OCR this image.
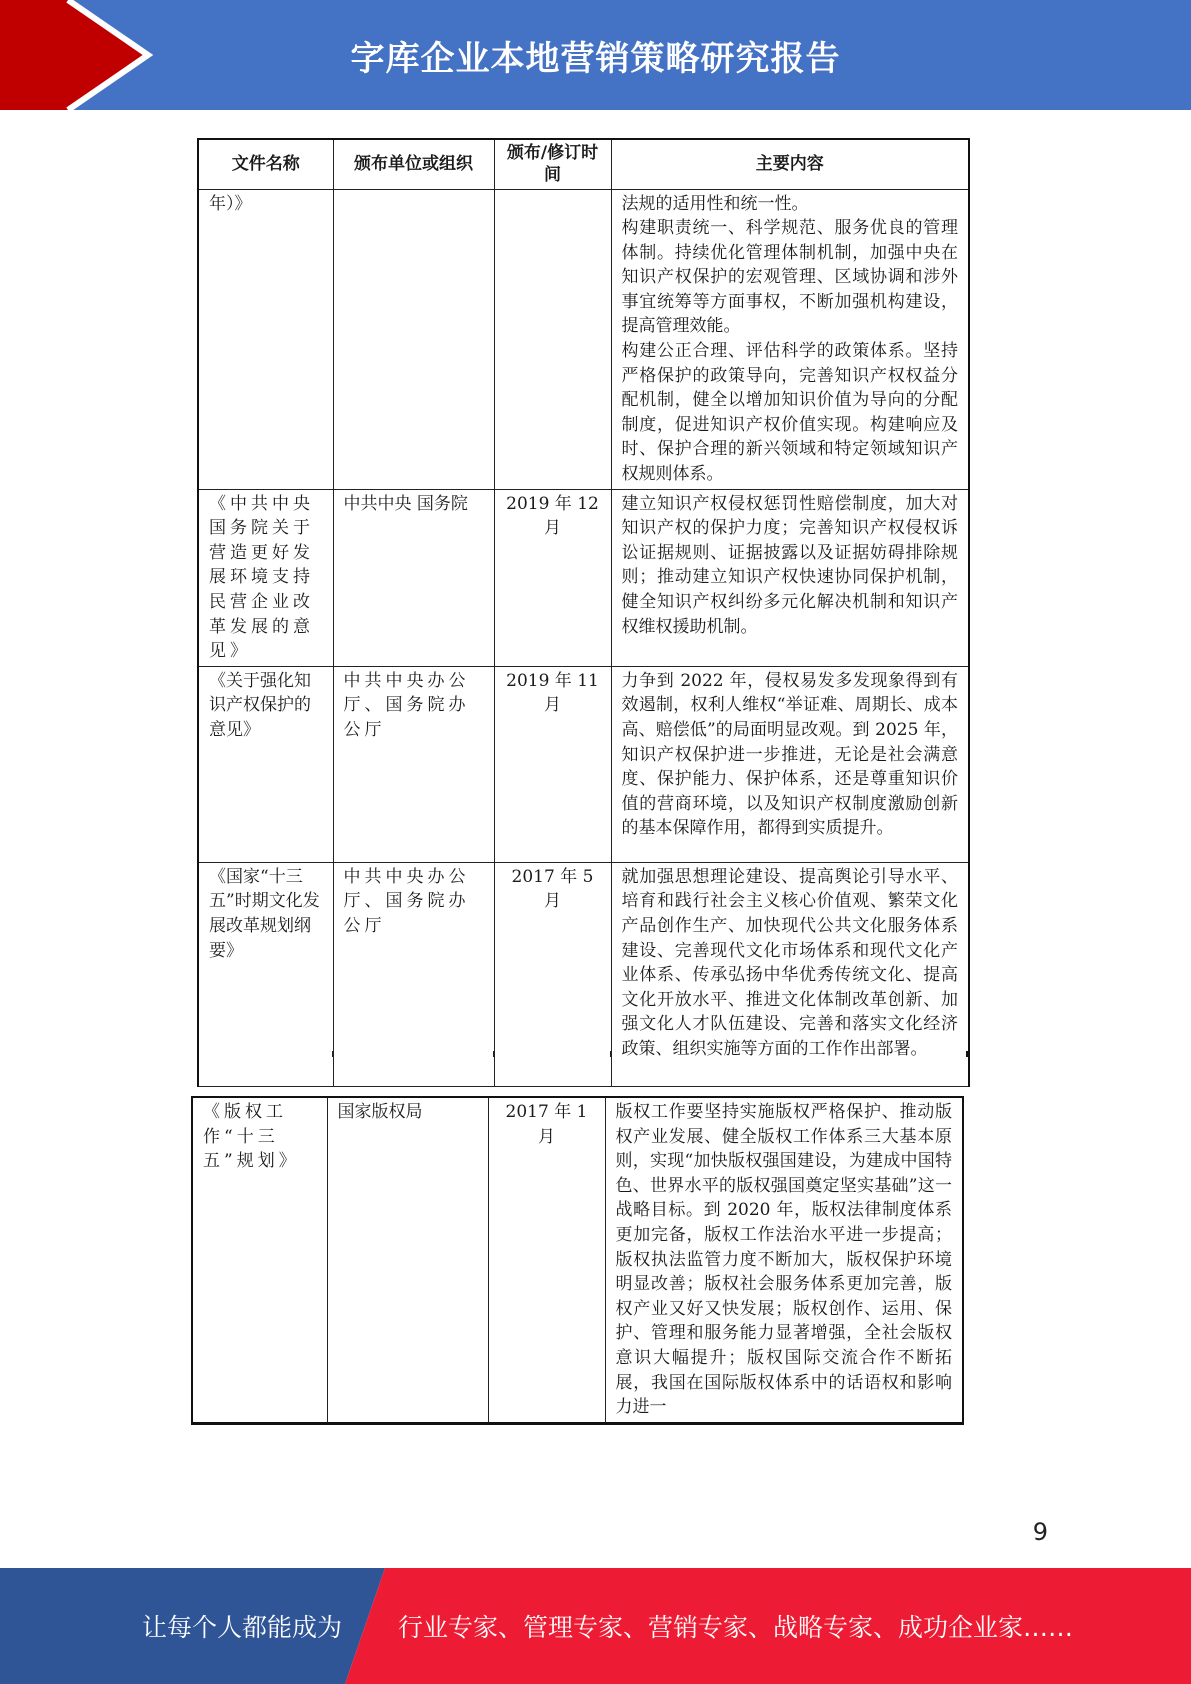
字库企业本地营销策略研究报告
文件名称	颁布单位或组织	颁布/修订时间	主要内容
年）》			法规的适用性和统一性。
构建职责统一、科学规范、服务优良的管理体制。持续优化管理体制机制，加强中央在知识产权保护的宏观管理、区域协调和涉外事宜统筹等方面事权，不断加强机构建设，提高管理效能。
构建公正合理、评估科学的政策体系。坚持严格保护的政策导向，完善知识产权权益分配机制，健全以增加知识价值为导向的分配制度，促进知识产权价值实现。构建响应及时、保护合理的新兴领域和特定领域知识产权规则体系。
《中共中央国务院关于营造更好发展环境支持民营企业改革发展的意见》	中共中央 国务院	2019 年 12 月	建立知识产权侵权惩罚性赔偿制度，加大对知识产权的保护力度；完善知识产权侵权诉讼证据规则、证据披露以及证据妨碍排除规则；推动建立知识产权快速协同保护机制，健全知识产权纠纷多元化解决机制和知识产权维权援助机制。
《关于强化知识产权保护的意见》	中共中央办公厅、国务院办公厅	2019 年 11 月	力争到 2022 年，侵权易发多发现象得到有效遏制，权利人维权“举证难、周期长、成本高、赔偿低”的局面明显改观。到 2025 年，知识产权保护进一步推进，无论是社会满意度、保护能力、保护体系，还是尊重知识价值的营商环境，以及知识产权制度激励创新的基本保障作用，都得到实质提升。
《国家“十三五”时期文化发展改革规划纲要》	中共中央办公厅、国务院办公厅	2017 年 5 月	就加强思想理论建设、提高舆论引导水平、培育和践行社会主义核心价值观、繁荣文化产品创作生产、加快现代公共文化服务体系建设、完善现代文化市场体系和现代文化产业体系、传承弘扬中华优秀传统文化、提高文化开放水平、推进文化体制改革创新、加强文化人才队伍建设、完善和落实文化经济政策、组织实施等方面的工作作出部署。
《版权工作“十三五”规划》	国家版权局	2017 年 1 月	版权工作要坚持实施版权严格保护、推动版权产业发展、健全版权工作体系三大基本原则，实现“加快版权强国建设，为建成中国特色、世界水平的版权强国奠定坚实基础”这一战略目标。到 2020 年，版权法律制度体系更加完备，版权工作法治水平进一步提高；版权执法监管力度不断加大，版权保护环境明显改善；版权社会服务体系更加完善，版权产业又好又快发展；版权创作、运用、保护、管理和服务能力显著增强，全社会版权意识大幅提升；版权国际交流合作不断拓展，我国在国际版权体系中的话语权和影响力进一
9
让每个人都能成为 行业专家、管理专家、营销专家、战略专家、成功企业家……
